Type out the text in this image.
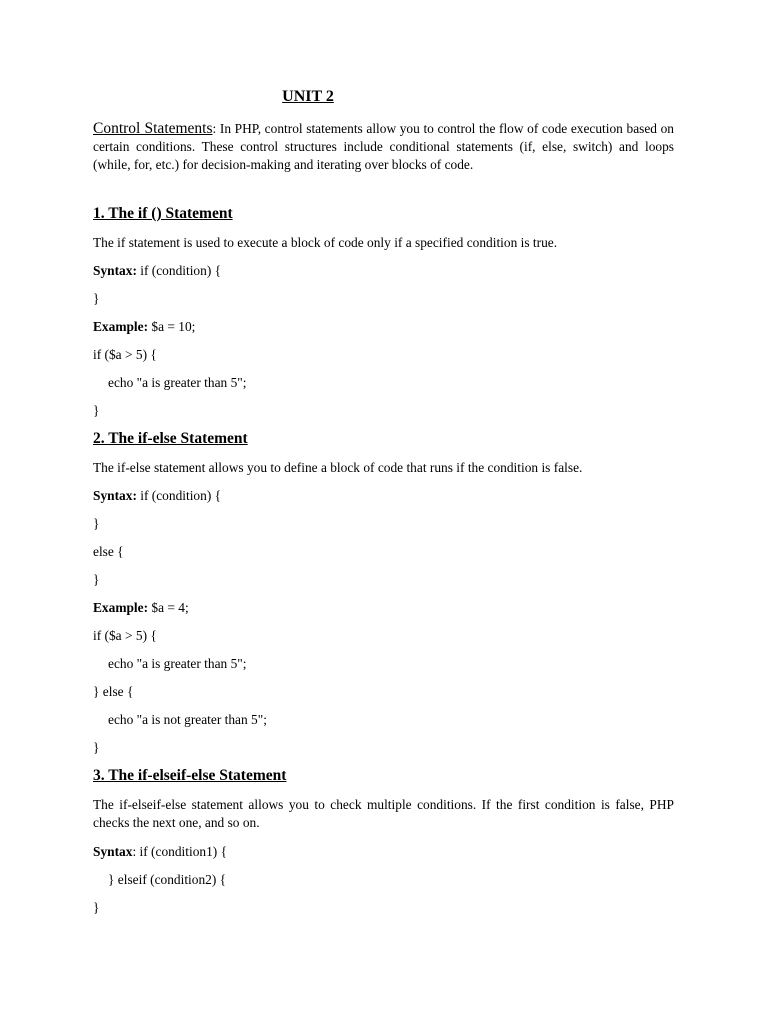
UNIT 2
Control Statements: In PHP, control statements allow you to control the flow of code execution based on certain conditions. These control structures include conditional statements (if, else, switch) and loops (while, for, etc.) for decision-making and iterating over blocks of code.
1. The if () Statement
The if statement is used to execute a block of code only if a specified condition is true.
Syntax: if (condition) {
}
Example: $a = 10;
if ($a > 5) {
echo "a is greater than 5";
}
2. The if-else Statement
The if-else statement allows you to define a block of code that runs if the condition is false.
Syntax: if (condition) {
}
else {
}
Example: $a = 4;
if ($a > 5) {
echo "a is greater than 5";
} else {
echo "a is not greater than 5";
}
3. The if-elseif-else Statement
The if-elseif-else statement allows you to check multiple conditions. If the first condition is false, PHP checks the next one, and so on.
Syntax: if (condition1) {
} elseif (condition2) {
}
